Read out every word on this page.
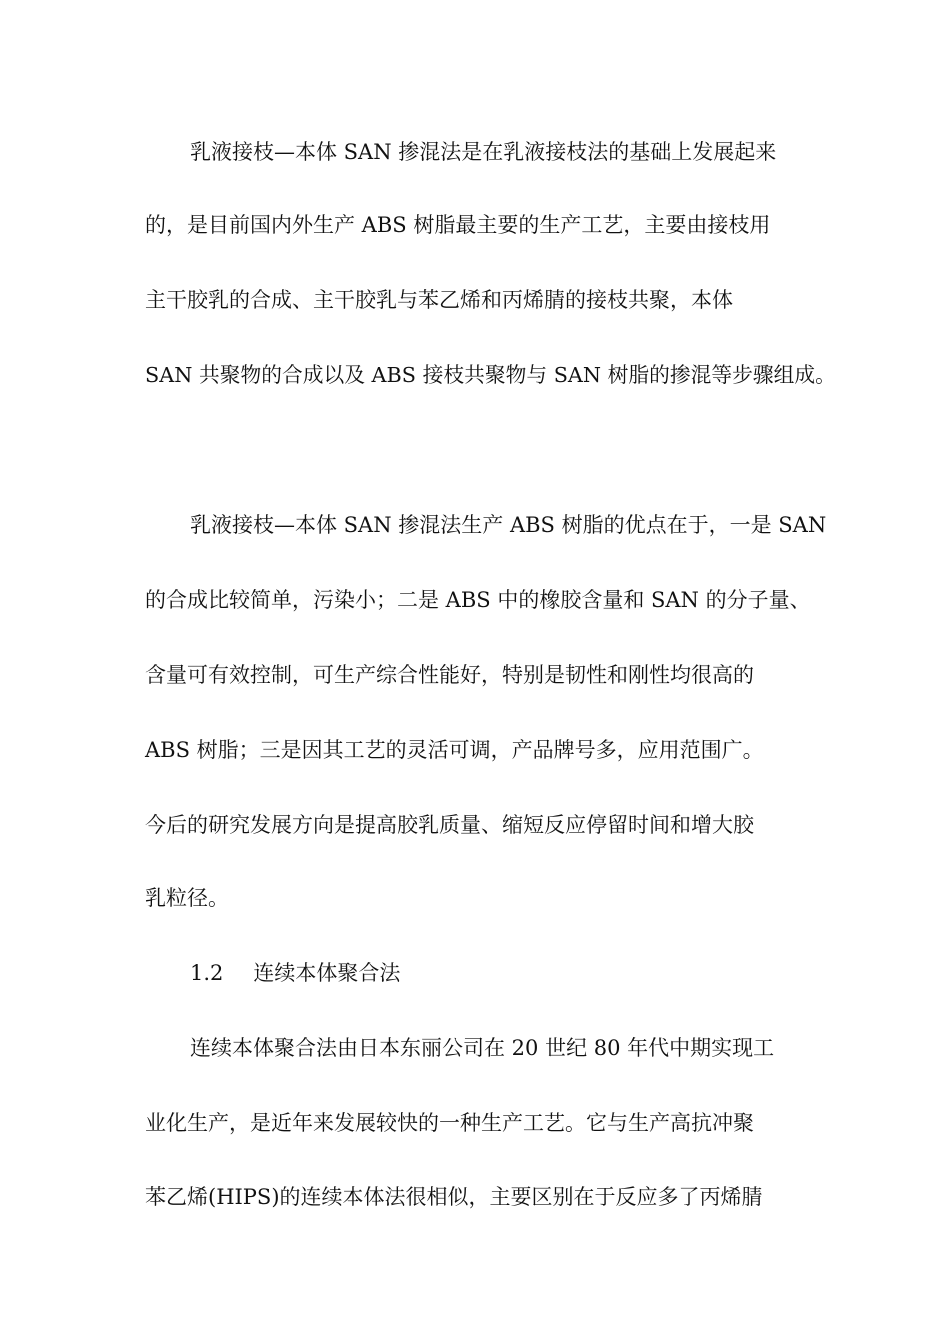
乳液接枝—本体 SAN 掺混法是在乳液接枝法的基础上发展起来
的，是目前国内外生产 ABS 树脂最主要的生产工艺，主要由接枝用
主干胶乳的合成、主干胶乳与苯乙烯和丙烯腈的接枝共聚，本体
SAN 共聚物的合成以及 ABS 接枝共聚物与 SAN 树脂的掺混等步骤组成。
乳液接枝—本体 SAN 掺混法生产 ABS 树脂的优点在于，一是 SAN
的合成比较简单，污染小；二是 ABS 中的橡胶含量和 SAN 的分子量、
含量可有效控制，可生产综合性能好，特别是韧性和刚性均很高的
ABS 树脂；三是因其工艺的灵活可调，产品牌号多，应用范围广。
今后的研究发展方向是提高胶乳质量、缩短反应停留时间和增大胶
乳粒径。
1.2 连续本体聚合法
连续本体聚合法由日本东丽公司在 20 世纪 80 年代中期实现工
业化生产，是近年来发展较快的一种生产工艺。它与生产高抗冲聚
苯乙烯(HIPS)的连续本体法很相似，主要区别在于反应多了丙烯腈
